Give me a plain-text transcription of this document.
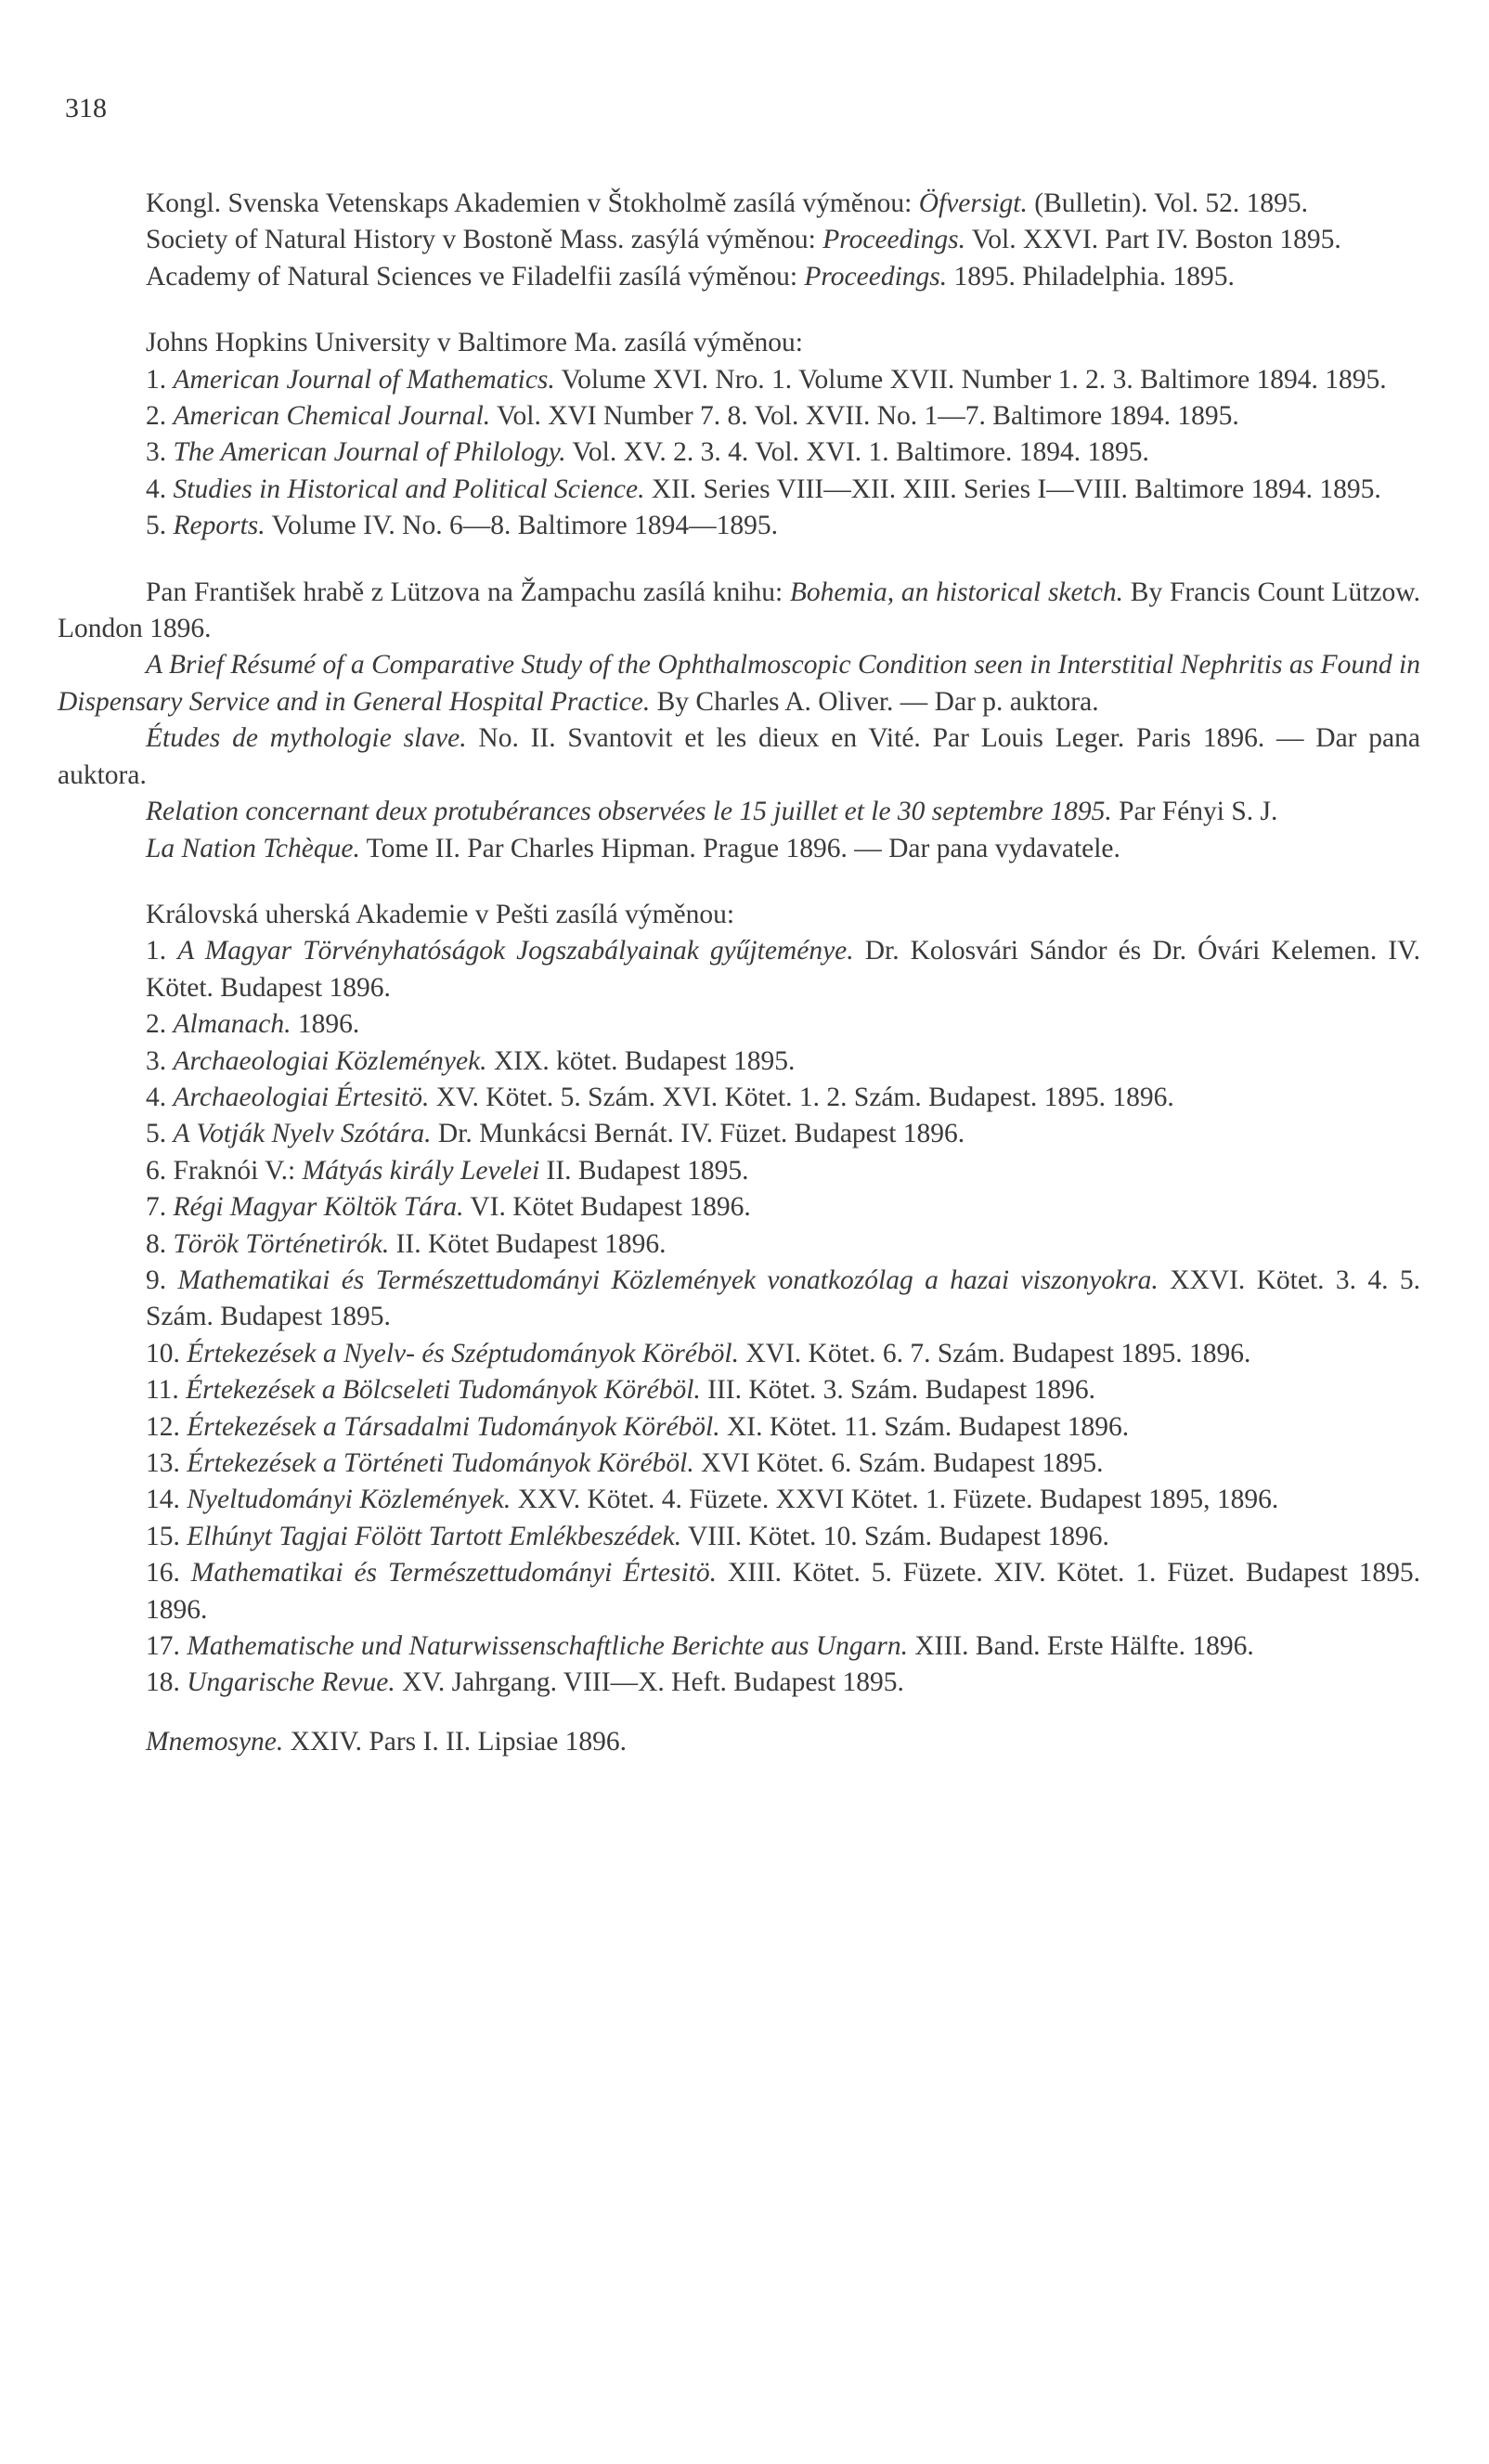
318

Kongl. Svenska Vetenskaps Akademien v Štokholmě zasílá výměnou: Öfversigt. (Bulletin). Vol. 52. 1895.

Society of Natural History v Bostoně Mass. zasýlá výměnou: Proceedings. Vol. XXVI. Part IV. Boston 1895.

Academy of Natural Sciences ve Filadelfii zasílá výměnou: Proceedings. 1895. Philadelphia. 1895.

Johns Hopkins University v Baltimore Ma. zasílá výměnou:

1. American Journal of Mathematics. Volume XVI. Nro. 1. Volume XVII. Number 1. 2. 3. Baltimore 1894. 1895.

2. American Chemical Journal. Vol. XVI Number 7. 8. Vol. XVII. No. 1—7. Baltimore 1894. 1895.

3. The American Journal of Philology. Vol. XV. 2. 3. 4. Vol. XVI. 1. Baltimore. 1894. 1895.

4. Studies in Historical and Political Science. XII. Series VIII—XII. XIII. Series I—VIII. Baltimore 1894. 1895.

5. Reports. Volume IV. No. 6—8. Baltimore 1894—1895.

Pan František hrabě z Lützova na Žampachu zasílá knihu: Bohemia, an historical sketch. By Francis Count Lützow. London 1896.

A Brief Résumé of a Comparative Study of the Ophthalmoscopic Condition seen in Interstitial Nephritis as Found in Dispensary Service and in General Hospital Practice. By Charles A. Oliver. — Dar p. auktora.

Études de mythologie slave. No. II. Svantovit et les dieux en Vité. Par Louis Leger. Paris 1896. — Dar pana auktora.

Relation concernant deux protubérances observées le 15 juillet et le 30 septembre 1895. Par Fényi S. J.

La Nation Tchèque. Tome II. Par Charles Hipman. Prague 1896. — Dar pana vydavatele.

Královská uherská Akademie v Pešti zasílá výměnou:

1. A Magyar Törvényhatóságok Jogszabályainak gyűjteménye. Dr. Kolosvári Sándor és Dr. Óvári Kelemen. IV. Kötet. Budapest 1896.

2. Almanach. 1896.

3. Archaeologiai Közlemények. XIX. kötet. Budapest 1895.

4. Archaeologiai Értesitö. XV. Kötet. 5. Szám. XVI. Kötet. 1. 2. Szám. Budapest. 1895. 1896.

5. A Votják Nyelv Szótára. Dr. Munkácsi Bernát. IV. Füzet. Budapest 1896.

6. Fraknói V.: Mátyás király Levelei II. Budapest 1895.

7. Régi Magyar Költök Tára. VI. Kötet Budapest 1896.

8. Török Történetirók. II. Kötet Budapest 1896.

9. Mathematikai és Természettudományi Közlemények vonatkozólag a hazai viszonyokra. XXVI. Kötet. 3. 4. 5. Szám. Budapest 1895.

10. Értekezések a Nyelv- és Széptudományok Köréböl. XVI. Kötet. 6. 7. Szám. Budapest 1895. 1896.

11. Értekezések a Bölcseleti Tudományok Köréböl. III. Kötet. 3. Szám. Budapest 1896.

12. Értekezések a Társadalmi Tudományok Köréböl. XI. Kötet. 11. Szám. Budapest 1896.

13. Értekezések a Történeti Tudományok Köréböl. XVI Kötet. 6. Szám. Budapest 1895.

14. Nyeltudományi Közlemények. XXV. Kötet. 4. Füzete. XXVI Kötet. 1. Füzete. Budapest 1895, 1896.

15. Elhúnyt Tagjai Fölött Tartott Emlékbeszédek. VIII. Kötet. 10. Szám. Budapest 1896.

16. Mathematikai és Természettudományi Értesitö. XIII. Kötet. 5. Füzete. XIV. Kötet. 1. Füzet. Budapest 1895. 1896.

17. Mathematische und Naturwissenschaftliche Berichte aus Ungarn. XIII. Band. Erste Hälfte. 1896.

18. Ungarische Revue. XV. Jahrgang. VIII—X. Heft. Budapest 1895.

Mnemosyne. XXIV. Pars I. II. Lipsiae 1896.
